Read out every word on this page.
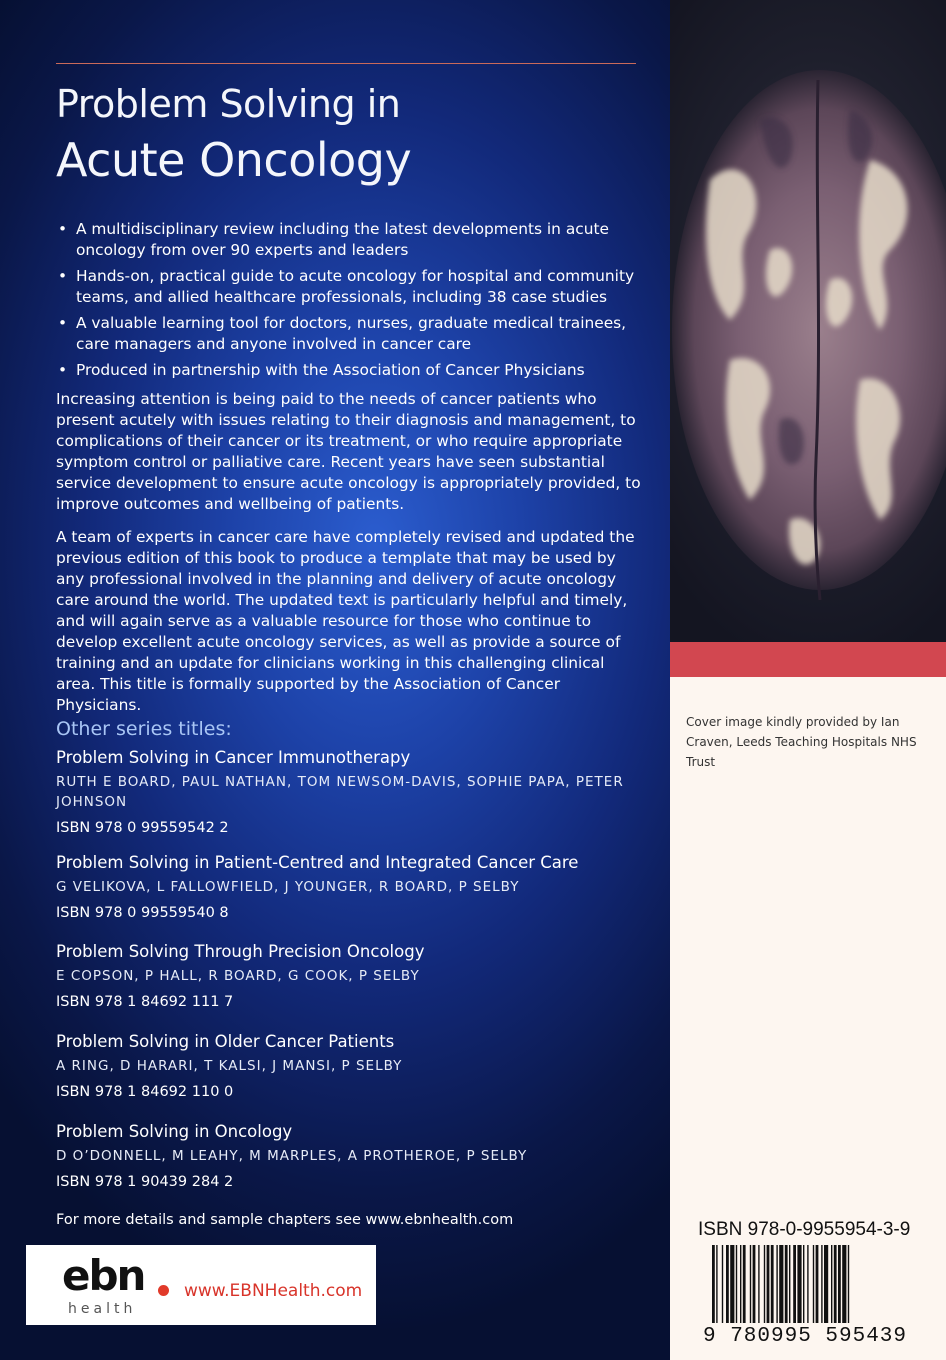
Problem Solving in
Acute Oncology
• A multidisciplinary review including the latest developments in acute oncology from over 90 experts and leaders
• Hands-on, practical guide to acute oncology for hospital and community teams, and allied healthcare professionals, including 38 case studies
• A valuable learning tool for doctors, nurses, graduate medical trainees, care managers and anyone involved in cancer care
• Produced in partnership with the Association of Cancer Physicians

Increasing attention is being paid to the needs of cancer patients who present acutely with issues relating to their diagnosis and management, to complications of their cancer or its treatment, or who require appropriate symptom control or palliative care. Recent years have seen substantial service development to ensure acute oncology is appropriately provided, to improve outcomes and wellbeing of patients.

A team of experts in cancer care have completely revised and updated the previous edition of this book to produce a template that may be used by any professional involved in the planning and delivery of acute oncology care around the world. The updated text is particularly helpful and timely, and will again serve as a valuable resource for those who continue to develop excellent acute oncology services, as well as provide a source of training and an update for clinicians working in this challenging clinical area. This title is formally supported by the Association of Cancer Physicians.

Other series titles:
Problem Solving in Cancer Immunotherapy
RUTH E BOARD, PAUL NATHAN, TOM NEWSOM-DAVIS, SOPHIE PAPA, PETER JOHNSON
ISBN 978 0 99559542 2
Problem Solving in Patient-Centred and Integrated Cancer Care
G VELIKOVA, L FALLOWFIELD, J YOUNGER, R BOARD, P SELBY
ISBN 978 0 99559540 8
Problem Solving Through Precision Oncology
E COPSON, P HALL, R BOARD, G COOK, P SELBY
ISBN 978 1 84692 111 7
Problem Solving in Older Cancer Patients
A RING, D HARARI, T KALSI, J MANSI, P SELBY
ISBN 978 1 84692 110 0
Problem Solving in Oncology
D O’DONNELL, M LEAHY, M MARPLES, A PROTHEROE, P SELBY
ISBN 978 1 90439 284 2
For more details and sample chapters see www.ebnhealth.com
ebn
health
www.EBNHealth.com
Cover image kindly provided by Ian Craven, Leeds Teaching Hospitals NHS Trust
ISBN 978-0-9955954-3-9
9 780995 595439
